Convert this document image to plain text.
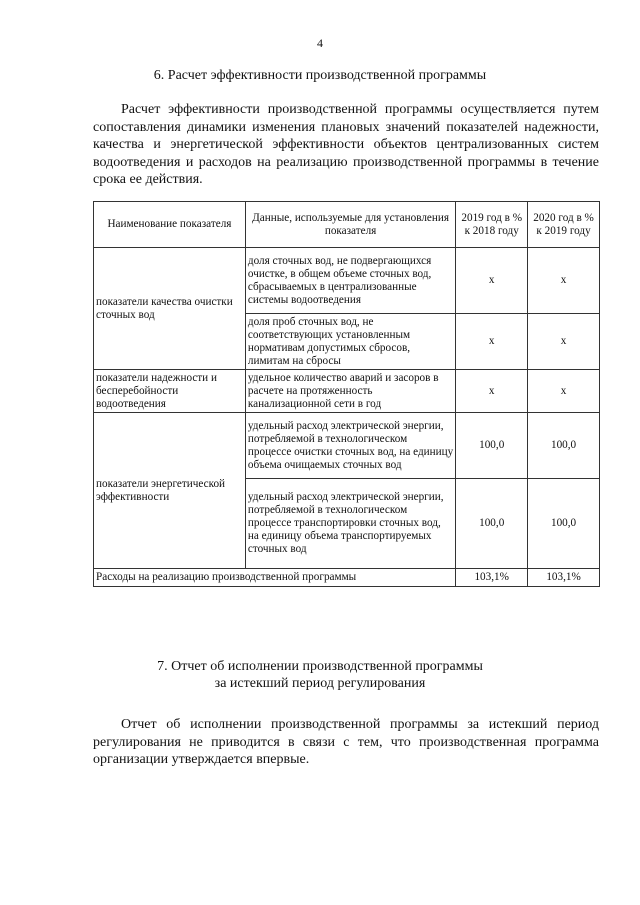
4
6. Расчет эффективности производственной программы

Расчет эффективности производственной программы осуществляется путем сопоставления динамики изменения плановых значений показателей надежности, качества и энергетической эффективности объектов централизованных систем водоотведения и расходов на реализацию производственной программы в течение срока ее действия.

Наименование показателя	Данные, используемые для установления показателя	2019 год в % к 2018 году	2020 год в % к 2019 году
показатели качества очистки сточных вод	доля сточных вод, не подвергающихся очистке, в общем объеме сточных вод, сбрасываемых в централизованные системы водоотведения	x	x
	доля проб сточных вод, не соответствующих установленным нормативам допустимых сбросов, лимитам на сбросы	x	x
показатели надежности и бесперебойности водоотведения	удельное количество аварий и засоров в расчете на протяженность канализационной сети в год	x	x
показатели энергетической эффективности	удельный расход электрической энергии, потребляемой в технологическом процессе очистки сточных вод, на единицу объема очищаемых сточных вод	100,0	100,0
	удельный расход электрической энергии, потребляемой в технологическом процессе транспортировки сточных вод, на единицу объема транспортируемых сточных вод	100,0	100,0
Расходы на реализацию производственной программы		103,1%	103,1%
7. Отчет об исполнении производственной программы
за истекший период регулирования

Отчет об исполнении производственной программы за истекший период регулирования не приводится в связи с тем, что производственная программа организации утверждается впервые.
